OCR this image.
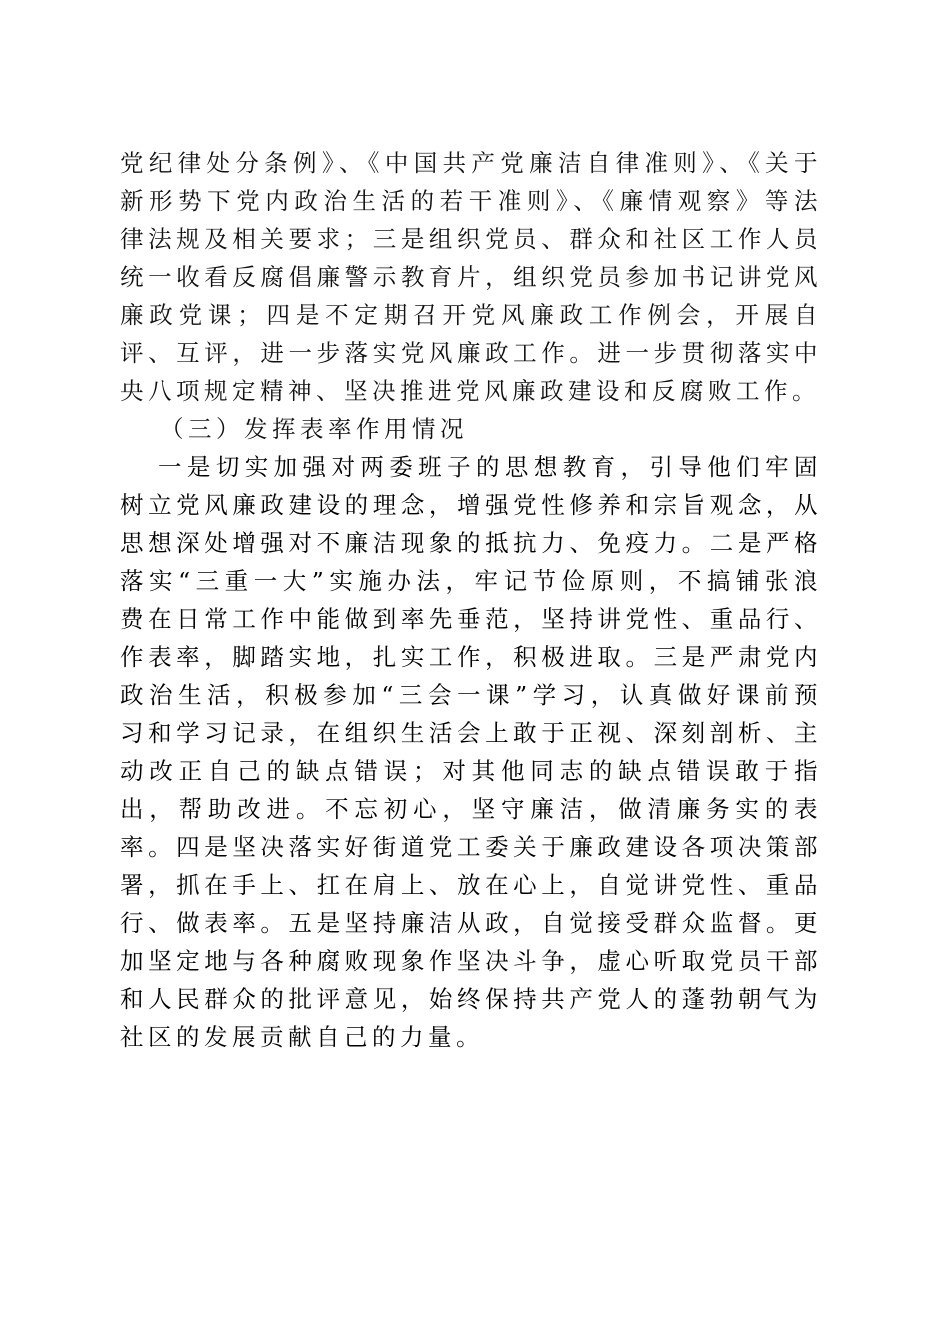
党纪律处分条例》、《中国共产党廉洁自律准则》、《关于新形势下党内政治生活的若干准则》、《廉情观察》等法律法规及相关要求；三是组织党员、群众和社区工作人员统一收看反腐倡廉警示教育片，组织党员参加书记讲党风廉政党课；四是不定期召开党风廉政工作例会，开展自评、互评，进一步落实党风廉政工作。进一步贯彻落实中央八项规定精神、坚决推进党风廉政建设和反腐败工作。

（三）发挥表率作用情况

一是切实加强对两委班子的思想教育，引导他们牢固树立党风廉政建设的理念，增强党性修养和宗旨观念，从思想深处增强对不廉洁现象的抵抗力、免疫力。二是严格落实“三重一大”实施办法，牢记节俭原则，不搞铺张浪费在日常工作中能做到率先垂范，坚持讲党性、重品行、作表率，脚踏实地，扎实工作，积极进取。三是严肃党内政治生活，积极参加“三会一课”学习，认真做好课前预习和学习记录，在组织生活会上敢于正视、深刻剖析、主动改正自己的缺点错误；对其他同志的缺点错误敢于指出，帮助改进。不忘初心，坚守廉洁，做清廉务实的表率。四是坚决落实好街道党工委关于廉政建设各项决策部署，抓在手上、扛在肩上、放在心上，自觉讲党性、重品行、做表率。五是坚持廉洁从政，自觉接受群众监督。更加坚定地与各种腐败现象作坚决斗争，虚心听取党员干部和人民群众的批评意见，始终保持共产党人的蓬勃朝气为社区的发展贡献自己的力量。
